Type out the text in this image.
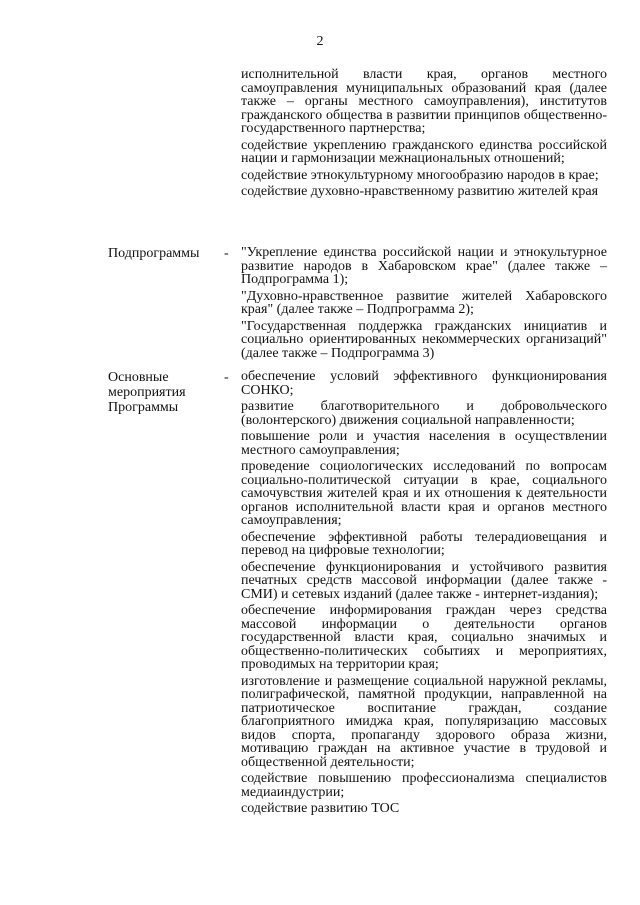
2

исполнительной власти края, органов местного самоуправления муниципальных образований края (далее также – органы местного самоуправления), институтов гражданского общества в развитии принципов общественно-государственного партнерства;

содействие укреплению гражданского единства российской нации и гармонизации межнациональных отношений;

содействие этнокультурному многообразию народов в крае;

содействие духовно-нравственному развитию жителей края

Подпрограммы	- "Укрепление единства российской нации и этнокультурное развитие народов в Хабаровском крае" (далее также – Подпрограмма 1);

"Духовно-нравственное развитие жителей Хабаровского края" (далее также – Подпрограмма 2);

"Государственная поддержка гражданских инициатив и социально ориентированных некоммерческих организаций" (далее также – Подпрограмма 3)

Основные мероприятия Программы
- обеспечение условий эффективного функционирования СОНКО;

развитие благотворительного и добровольческого (волонтерского) движения социальной направленности;

повышение роли и участия населения в осуществлении местного самоуправления;

проведение социологических исследований по вопросам социально-политической ситуации в крае, социального самочувствия жителей края и их отношения к деятельности органов исполнительной власти края и органов местного самоуправления;

обеспечение эффективной работы телерадиовещания и перевод на цифровые технологии;

обеспечение функционирования и устойчивого развития печатных средств массовой информации (далее также - СМИ) и сетевых изданий (далее также - интернет-издания);

обеспечение информирования граждан через средства массовой информации о деятельности органов государственной власти края, социально значимых и общественно-политических событиях и мероприятиях, проводимых на территории края;

изготовление и размещение социальной наружной рекламы, полиграфической, памятной продукции, направленной на патриотическое воспитание граждан, создание благоприятного имиджа края, популяризацию массовых видов спорта, пропаганду здорового образа жизни, мотивацию граждан на активное участие в трудовой и общественной деятельности;

содействие повышению профессионализма специалистов медиаиндустрии;

содействие развитию ТОС
